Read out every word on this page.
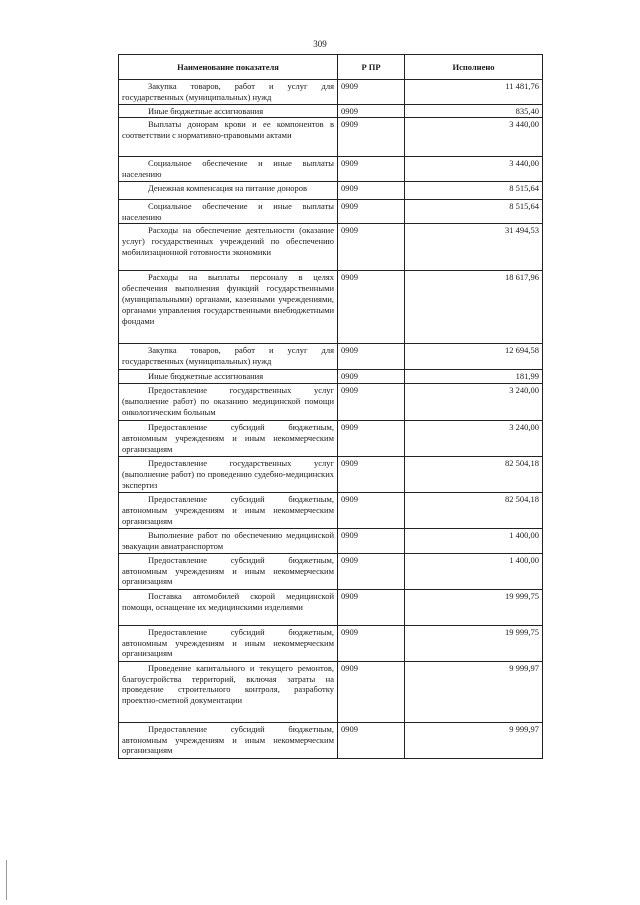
309
Наименование показателя	Р ПР	Исполнено
Закупка товаров, работ и услуг для государственных (муниципальных) нужд	0909	11 481,76
Иные бюджетные ассигнования	0909	835,40
Выплаты донорам крови и ее компонентов в соответствии с нормативно-правовыми актами	0909	3 440,00
Социальное обеспечение и иные выплаты населению	0909	3 440,00
Денежная компенсация на питание доноров	0909	8 515,64
Социальное обеспечение и иные выплаты населению	0909	8 515,64
Расходы на обеспечение деятельности (оказание услуг) государственных учреждений по обеспечению мобилизационной готовности экономики	0909	31 494,53
Расходы на выплаты персоналу в целях обеспечения выполнения функций государственными (муниципальными) органами, казенными учреждениями, органами управления государственными внебюджетными фондами	0909	18 617,96
Закупка товаров, работ и услуг для государственных (муниципальных) нужд	0909	12 694,58
Иные бюджетные ассигнования	0909	181,99
Предоставление государственных услуг (выполнение работ) по оказанию медицинской помощи онкологическим больным	0909	3 240,00
Предоставление субсидий бюджетным, автономным учреждениям и иным некоммерческим организациям	0909	3 240,00
Предоставление государственных услуг (выполнение работ) по проведению судебно-медицинских экспертиз	0909	82 504,18
Предоставление субсидий бюджетным, автономным учреждениям и иным некоммерческим организациям	0909	82 504,18
Выполнение работ по обеспечению медицинской эвакуации авиатранспортом	0909	1 400,00
Предоставление субсидий бюджетным, автономным учреждениям и иным некоммерческим организациям	0909	1 400,00
Поставка автомобилей скорой медицинской помощи, оснащение их медицинскими изделиями	0909	19 999,75
Предоставление субсидий бюджетным, автономным учреждениям и иным некоммерческим организациям	0909	19 999,75
Проведение капитального и текущего ремонтов, благоустройства территорий, включая затраты на проведение строительного контроля, разработку проектно-сметной документации	0909	9 999,97
Предоставление субсидий бюджетным, автономным учреждениям и иным некоммерческим организациям	0909	9 999,97
